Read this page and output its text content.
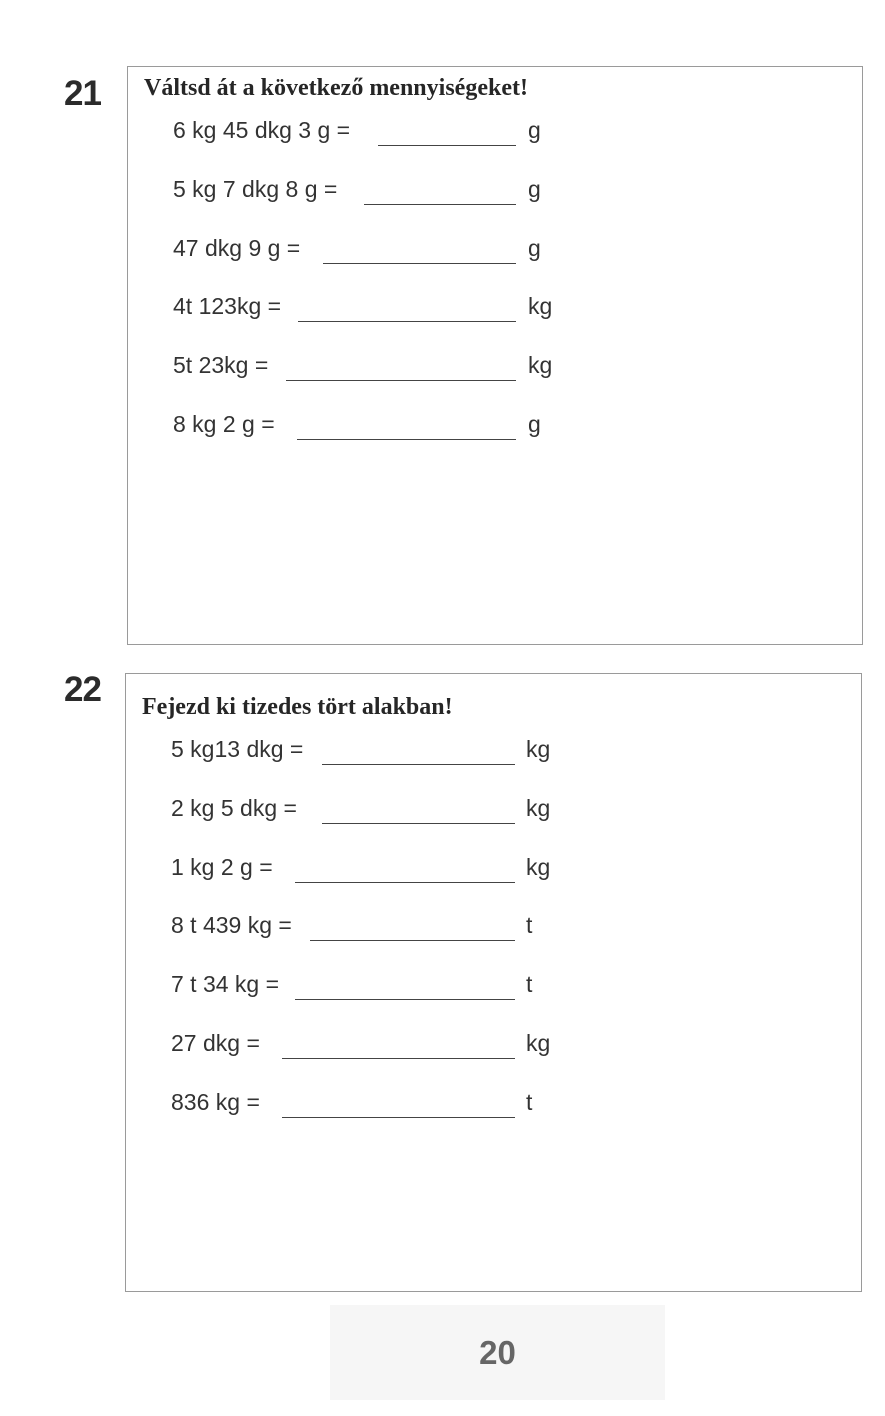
21 Váltsd át a következő mennyiségeket!
6 kg 45 dkg 3 g =	g
5 kg 7 dkg 8 g =	g
47 dkg 9 g =	g
4t 123kg =	kg
5t 23kg =	kg
8 kg 2 g =	g
22 Fejezd ki tizedes tört alakban!
5 kg13 dkg =	kg
2 kg 5 dkg =	kg
1 kg 2 g =	kg
8 t 439 kg =	t
7 t 34 kg =	t
27 dkg =	kg
836 kg =	t
20
